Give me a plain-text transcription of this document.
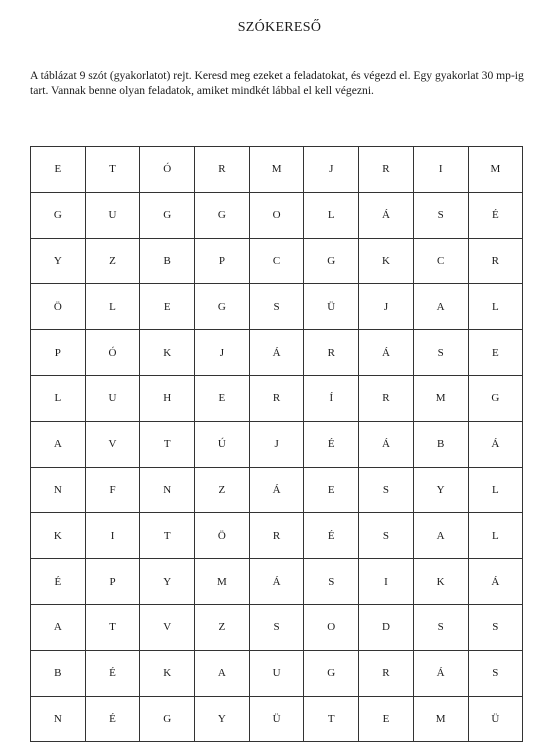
SZÓKERESŐ
A táblázat 9 szót (gyakorlatot) rejt. Keresd meg ezeket a feladatokat, és végezd el. Egy gyakorlat 30 mp-ig tart. Vannak benne olyan feladatok, amiket mindkét lábbal el kell végezni.
E	T	Ó	R	M	J	R	I	M
G	U	G	G	O	L	Á	S	É
Y	Z	B	P	C	G	K	C	R
Ö	L	E	G	S	Ü	J	A	L
P	Ó	K	J	Á	R	Á	S	E
L	U	H	E	R	Í	R	M	G
A	V	T	Ú	J	É	Á	B	Á
N	F	N	Z	Á	E	S	Y	L
K	I	T	Ö	R	É	S	A	L
É	P	Y	M	Á	S	I	K	Á
A	T	V	Z	S	O	D	S	S
B	É	K	A	U	G	R	Á	S
N	É	G	Y	Ü	T	E	M	Ü
